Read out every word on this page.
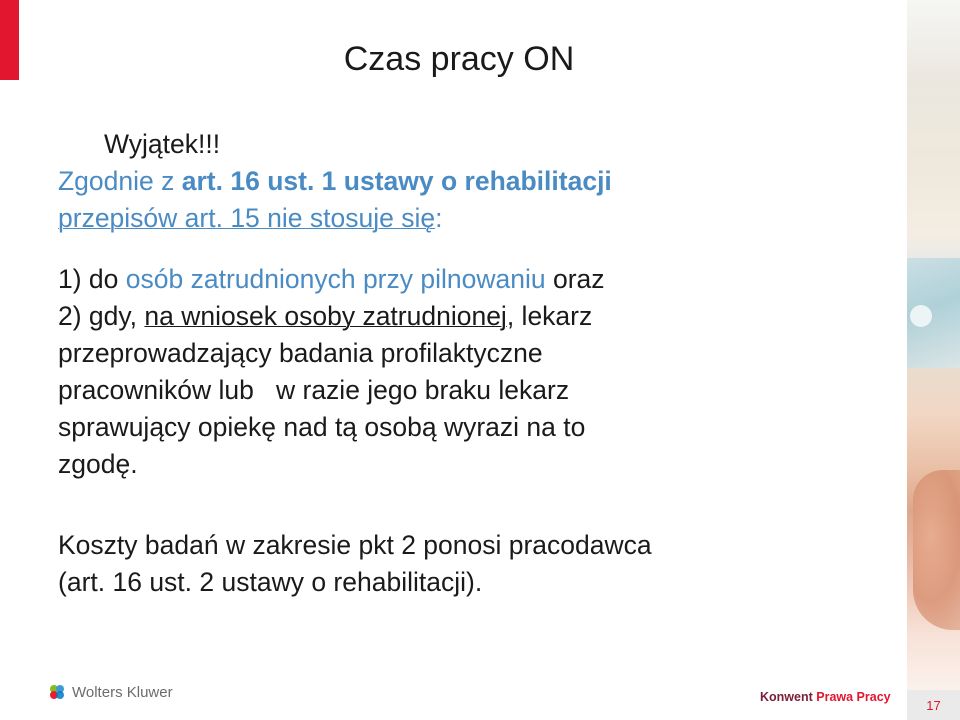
Czas pracy ON
Wyjątek!!!
Zgodnie z art. 16 ust. 1 ustawy o rehabilitacji
przepisów art. 15 nie stosuje się:
1) do osób zatrudnionych przy pilnowaniu oraz
2) gdy, na wniosek osoby zatrudnionej, lekarz
przeprowadzający badania profilaktyczne
pracowników lub   w razie jego braku lekarz
sprawujący opiekę nad tą osobą wyrazi na to
zgodę.
Koszty badań w zakresie pkt 2 ponosi pracodawca
(art. 16 ust. 2 ustawy o rehabilitacji).
Wolters Kluwer	Konwent Prawa Pracy
17
